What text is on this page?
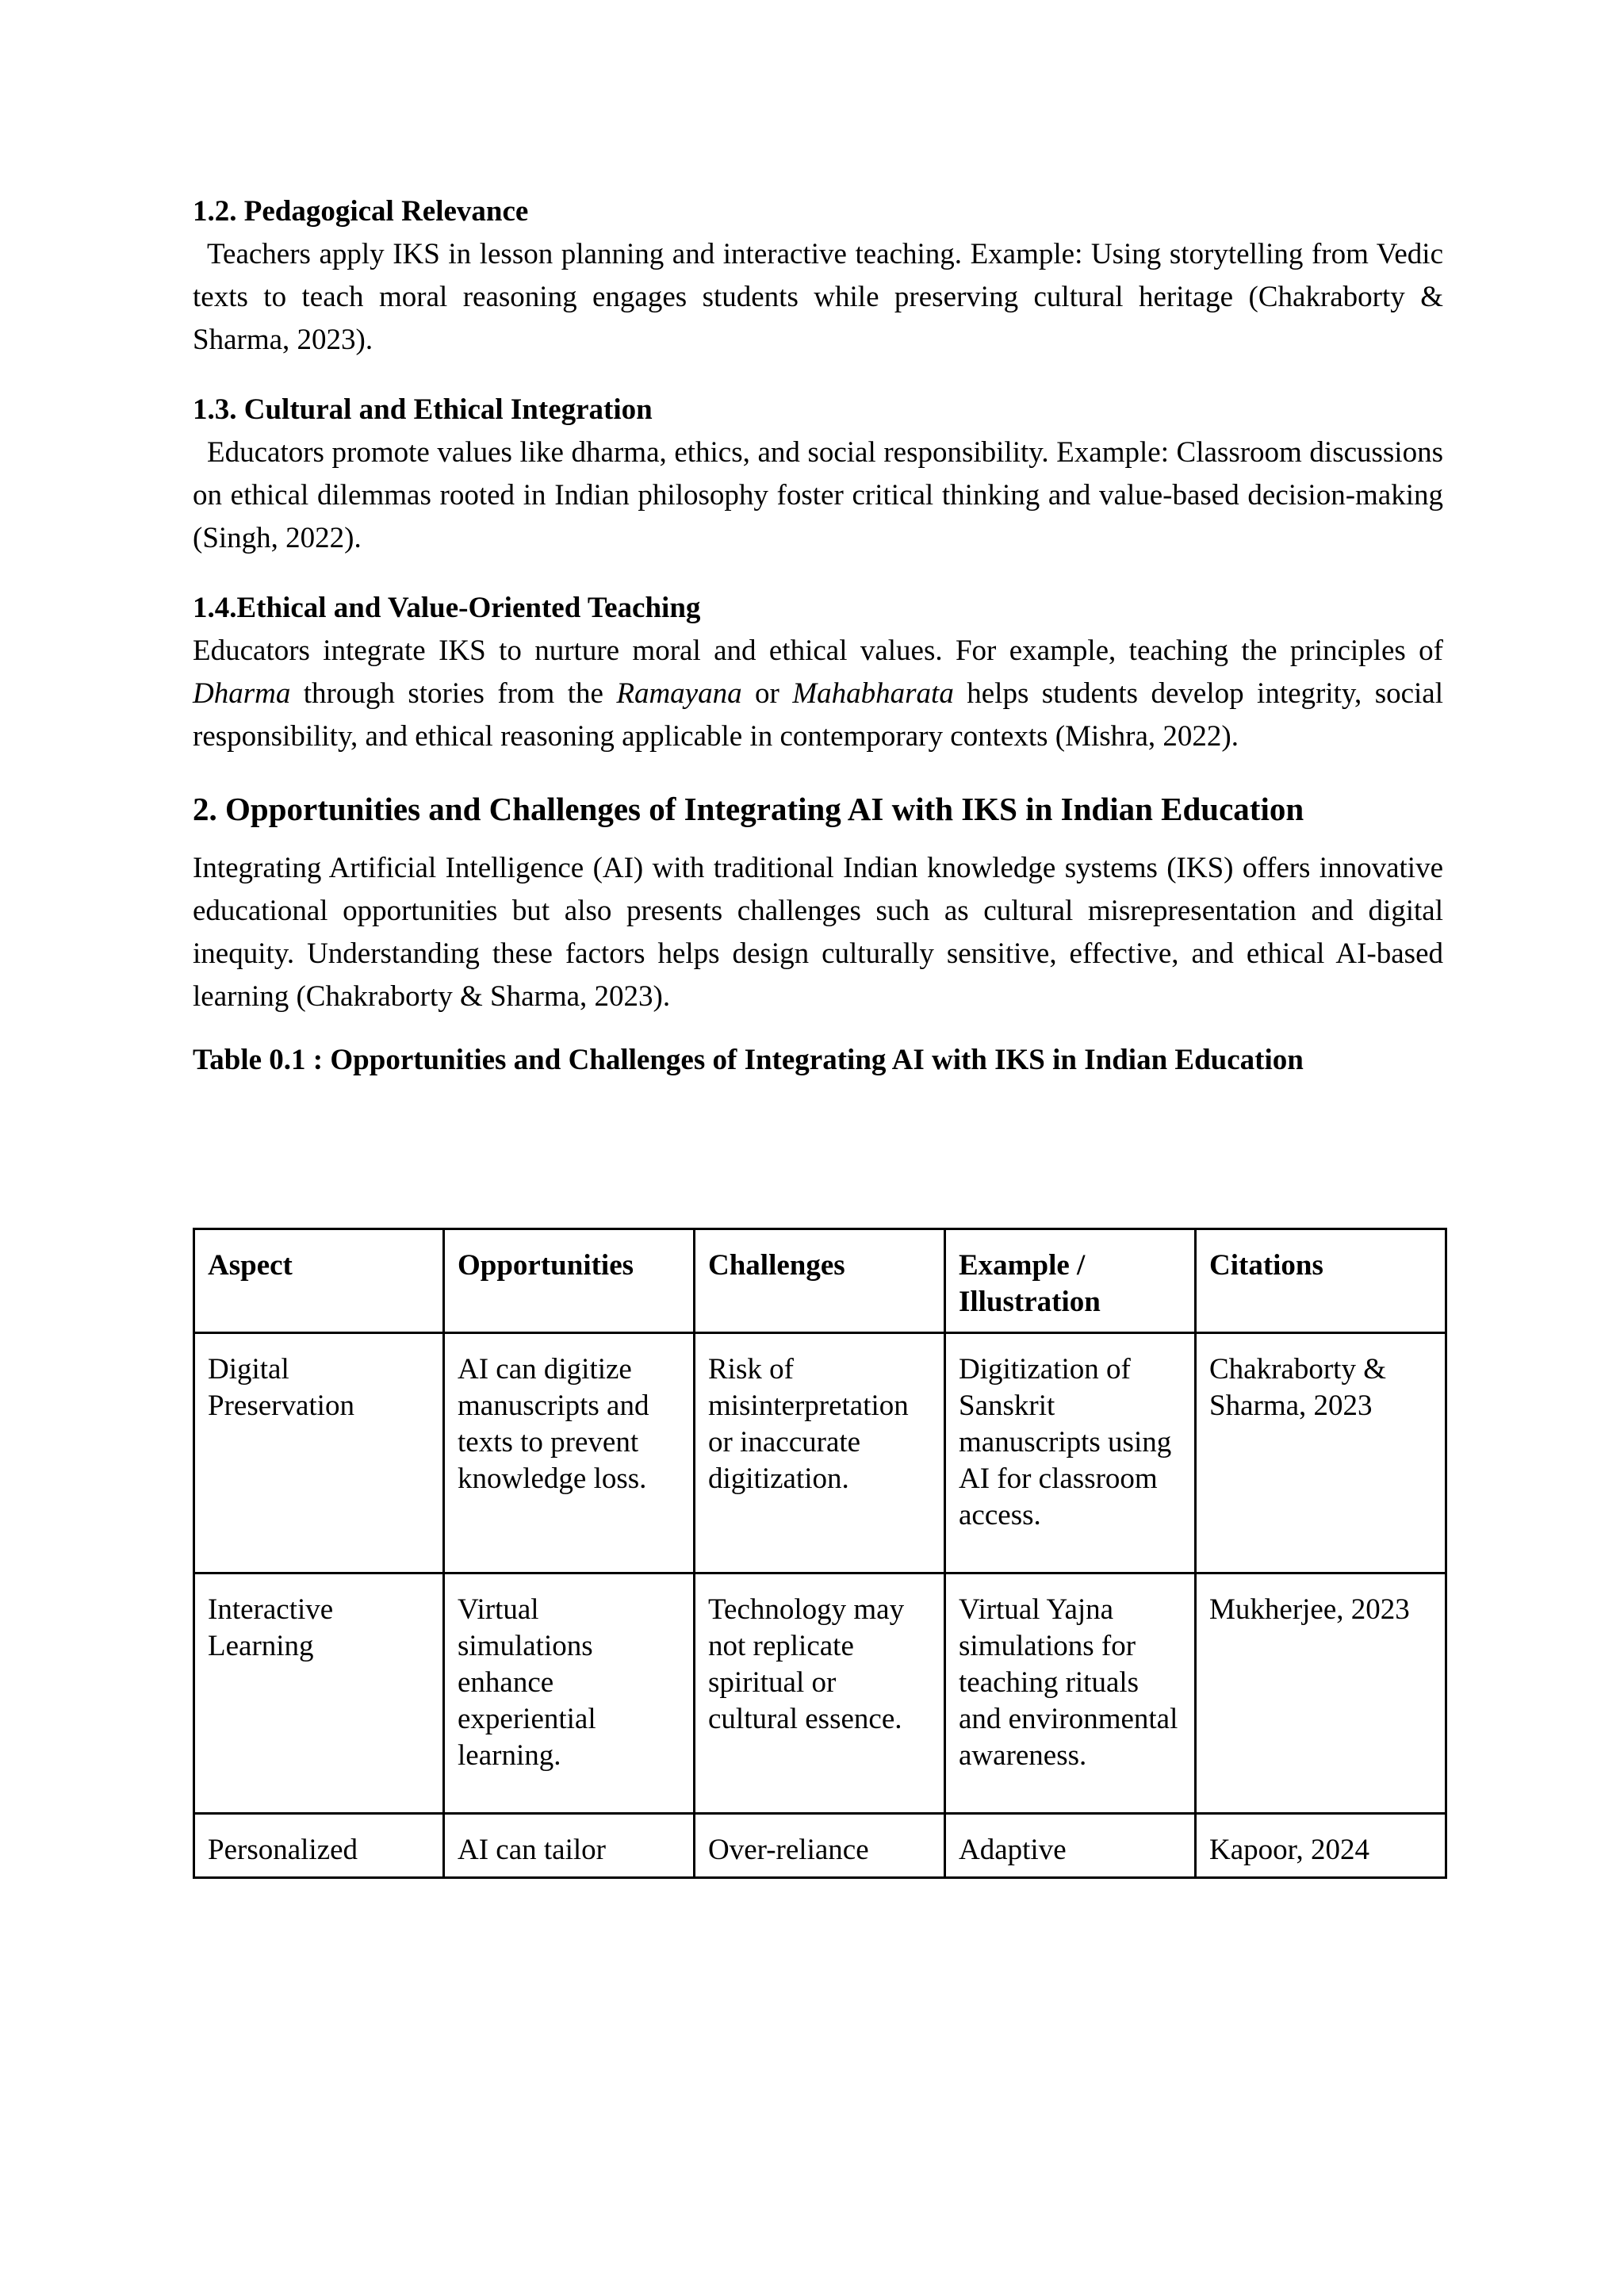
1.2. Pedagogical Relevance

Teachers apply IKS in lesson planning and interactive teaching. Example: Using storytelling from Vedic texts to teach moral reasoning engages students while preserving cultural heritage (Chakraborty & Sharma, 2023).

1.3. Cultural and Ethical Integration

Educators promote values like dharma, ethics, and social responsibility. Example: Classroom discussions on ethical dilemmas rooted in Indian philosophy foster critical thinking and value-based decision-making (Singh, 2022).

1.4.Ethical and Value-Oriented Teaching

Educators integrate IKS to nurture moral and ethical values. For example, teaching the principles of Dharma through stories from the Ramayana or Mahabharata helps students develop integrity, social responsibility, and ethical reasoning applicable in contemporary contexts (Mishra, 2022).

2. Opportunities and Challenges of Integrating AI with IKS in Indian Education

Integrating Artificial Intelligence (AI) with traditional Indian knowledge systems (IKS) offers innovative educational opportunities but also presents challenges such as cultural misrepresentation and digital inequity. Understanding these factors helps design culturally sensitive, effective, and ethical AI-based learning (Chakraborty & Sharma, 2023).

Table 0.1 : Opportunities and Challenges of Integrating AI with IKS in Indian Education

Aspect	Opportunities	Challenges	Example / Illustration	Citations
Digital Preservation	AI can digitize manuscripts and texts to prevent knowledge loss.	Risk of misinterpretation or inaccurate digitization.	Digitization of Sanskrit manuscripts using AI for classroom access.	Chakraborty & Sharma, 2023
Interactive Learning	Virtual simulations enhance experiential learning.	Technology may not replicate spiritual or cultural essence.	Virtual Yajna simulations for teaching rituals and environmental awareness.	Mukherjee, 2023
Personalized	AI can tailor	Over-reliance	Adaptive	Kapoor, 2024
